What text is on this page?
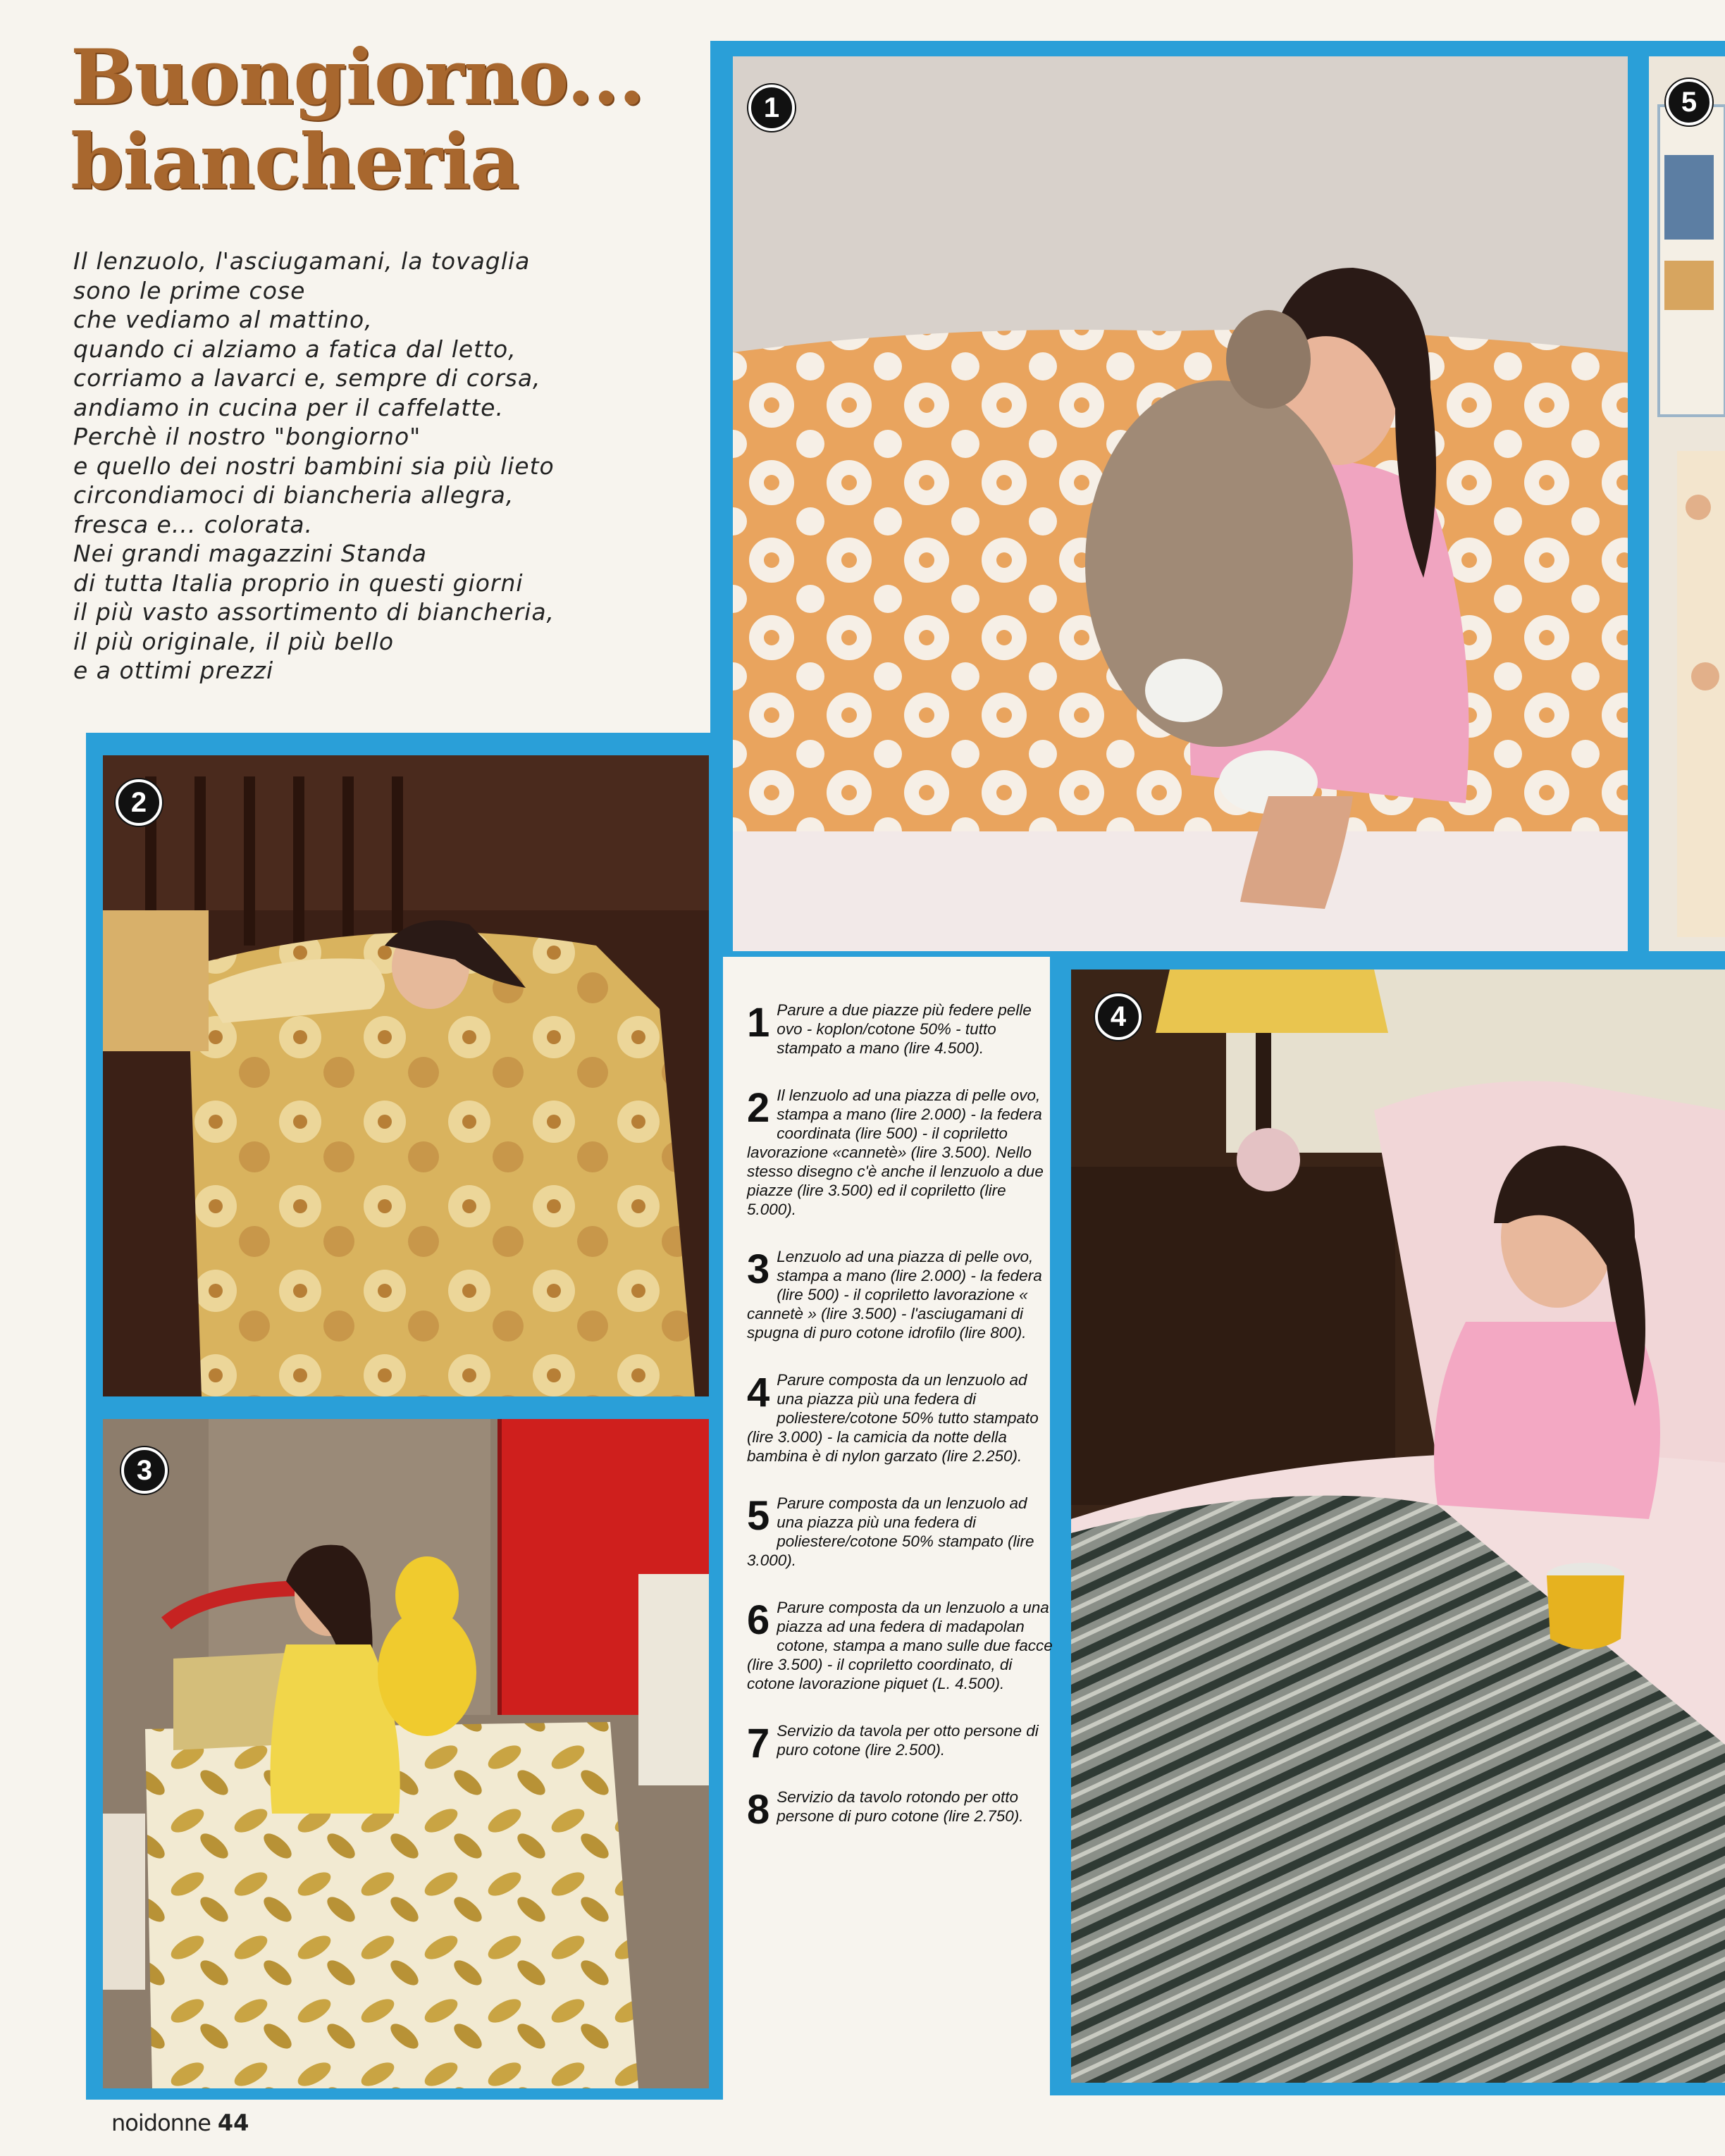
1	5
2
3
4
Buongiorno...
biancheria
Il lenzuolo, l'asciugamani, la tovaglia
sono le prime cose
che vediamo al mattino,
quando ci alziamo a fatica dal letto,
corriamo a lavarci e, sempre di corsa,
andiamo in cucina per il caffelatte.
Perchè il nostro "bongiorno"
e quello dei nostri bambini sia più lieto
circondiamoci di biancheria allegra,
fresca e... colorata.
Nei grandi magazzini Standa
di tutta Italia proprio in questi giorni
il più vasto assortimento di biancheria,
il più originale, il più bello
e a ottimi prezzi
1 Parure a due piazze più federe pelle ovo - koplon/cotone 50% - tutto stampato a mano (lire 4.500).
2 Il lenzuolo ad una piazza di pelle ovo, stampa a mano (lire 2.000) - la federa coordinata (lire 500) - il copriletto lavorazione «cannetè» (lire 3.500). Nello stesso disegno c'è anche il lenzuolo a due piazze (lire 3.500) ed il copriletto (lire 5.000).
3 Lenzuolo ad una piazza di pelle ovo, stampa a mano (lire 2.000) - la federa (lire 500) - il copriletto lavorazione « cannetè » (lire 3.500) - l'asciugamani di spugna di puro cotone idrofilo (lire 800).
4 Parure composta da un lenzuolo ad una piazza più una federa di poliestere/cotone 50% tutto stampato (lire 3.000) - la camicia da notte della bambina è di nylon garzato (lire 2.250).
5 Parure composta da un lenzuolo ad una piazza più una federa di poliestere/cotone 50% stampato (lire 3.000).
6 Parure composta da un lenzuolo a una piazza ad una federa di madapolan cotone, stampa a mano sulle due facce (lire 3.500) - il copriletto coordinato, di cotone lavorazione piquet (L. 4.500).
7 Servizio da tavola per otto persone di puro cotone (lire 2.500).
8 Servizio da tavolo rotondo per otto persone di puro cotone (lire 2.750).
noidonne 44
